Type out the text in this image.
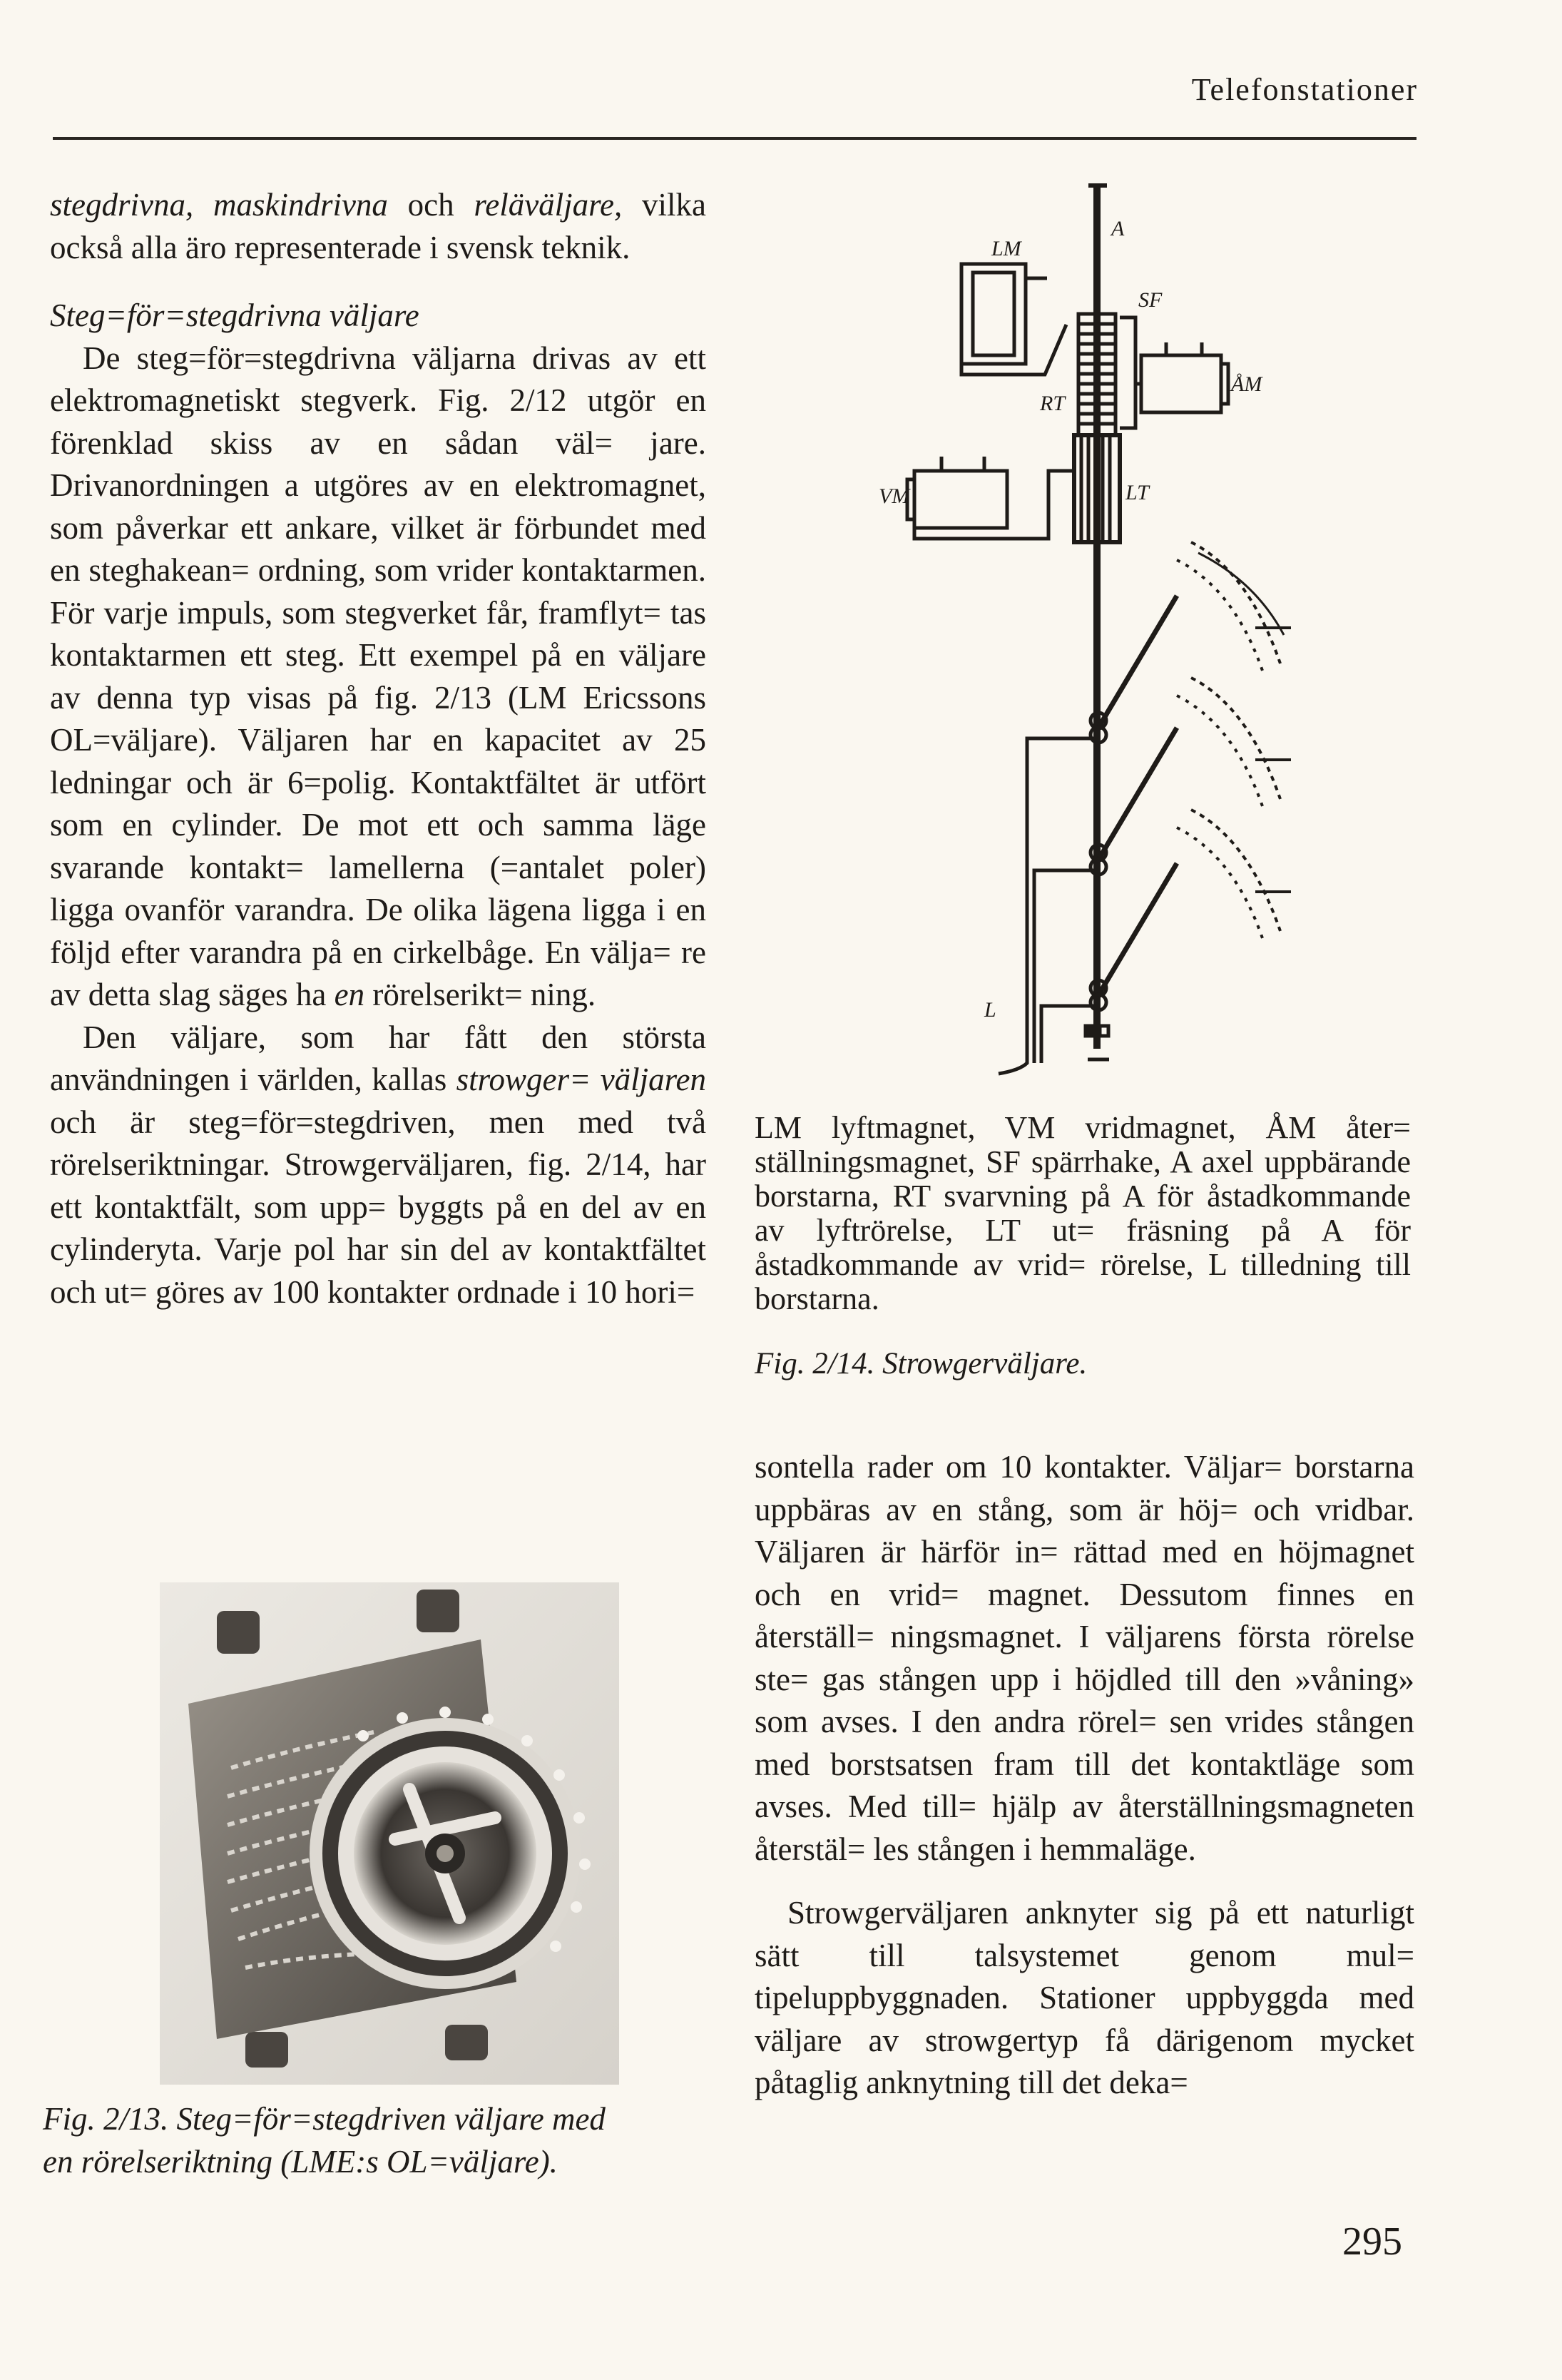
Telefonstationer

stegdrivna, maskindrivna och reläväljare, vilka också alla äro representerade i svensk teknik.

Steg=för=stegdrivna väljare

De steg=för=stegdrivna väljarna drivas av ett elektromagnetiskt stegverk. Fig. 2/12 utgör en förenklad skiss av en sådan väl= jare. Drivanordningen a utgöres av en elektromagnet, som påverkar ett ankare, vilket är förbundet med en steghakean= ordning, som vrider kontaktarmen. För varje impuls, som stegverket får, framflyt= tas kontaktarmen ett steg. Ett exempel på en väljare av denna typ visas på fig. 2/13 (LM Ericssons OL=väljare). Väljaren har en kapacitet av 25 ledningar och är 6=polig. Kontaktfältet är utfört som en cylinder. De mot ett och samma läge svarande kontakt= lamellerna (=antalet poler) ligga ovanför varandra. De olika lägena ligga i en följd efter varandra på en cirkelbåge. En välja= re av detta slag säges ha en rörelserikt= ning.

Den väljare, som har fått den största användningen i världen, kallas strowger= väljaren och är steg=för=stegdriven, men med två rörelseriktningar. Strowgerväljaren, fig. 2/14, har ett kontaktfält, som upp= byggts på en del av en cylinderyta. Varje pol har sin del av kontaktfältet och ut= göres av 100 kontakter ordnade i 10 hori=

LM
A
SF
ÅM
RT
VM	LT
L

LM lyftmagnet, VM vridmagnet, ÅM åter= ställningsmagnet, SF spärrhake, A axel uppbärande borstarna, RT svarvning på A för åstadkommande av lyftrörelse, LT ut= fräsning på A för åstadkommande av vrid= rörelse, L tilledning till borstarna.

Fig. 2/14. Strowgerväljare.

Fig. 2/13. Steg=för=stegdriven väljare med

en rörelseriktning (LME:s OL=väljare).

sontella rader om 10 kontakter. Väljar= borstarna uppbäras av en stång, som är höj= och vridbar. Väljaren är härför in= rättad med en höjmagnet och en vrid= magnet. Dessutom finnes en återställ= ningsmagnet. I väljarens första rörelse ste= gas stången upp i höjdled till den »våning» som avses. I den andra rörel= sen vrides stången med borstsatsen fram till det kontaktläge som avses. Med till= hjälp av återställningsmagneten återstäl= les stången i hemmaläge.

Strowgerväljaren anknyter sig på ett naturligt sätt till talsystemet genom mul= tipeluppbyggnaden. Stationer uppbyggda med väljare av strowgertyp få därigenom mycket påtaglig anknytning till det deka=

295
